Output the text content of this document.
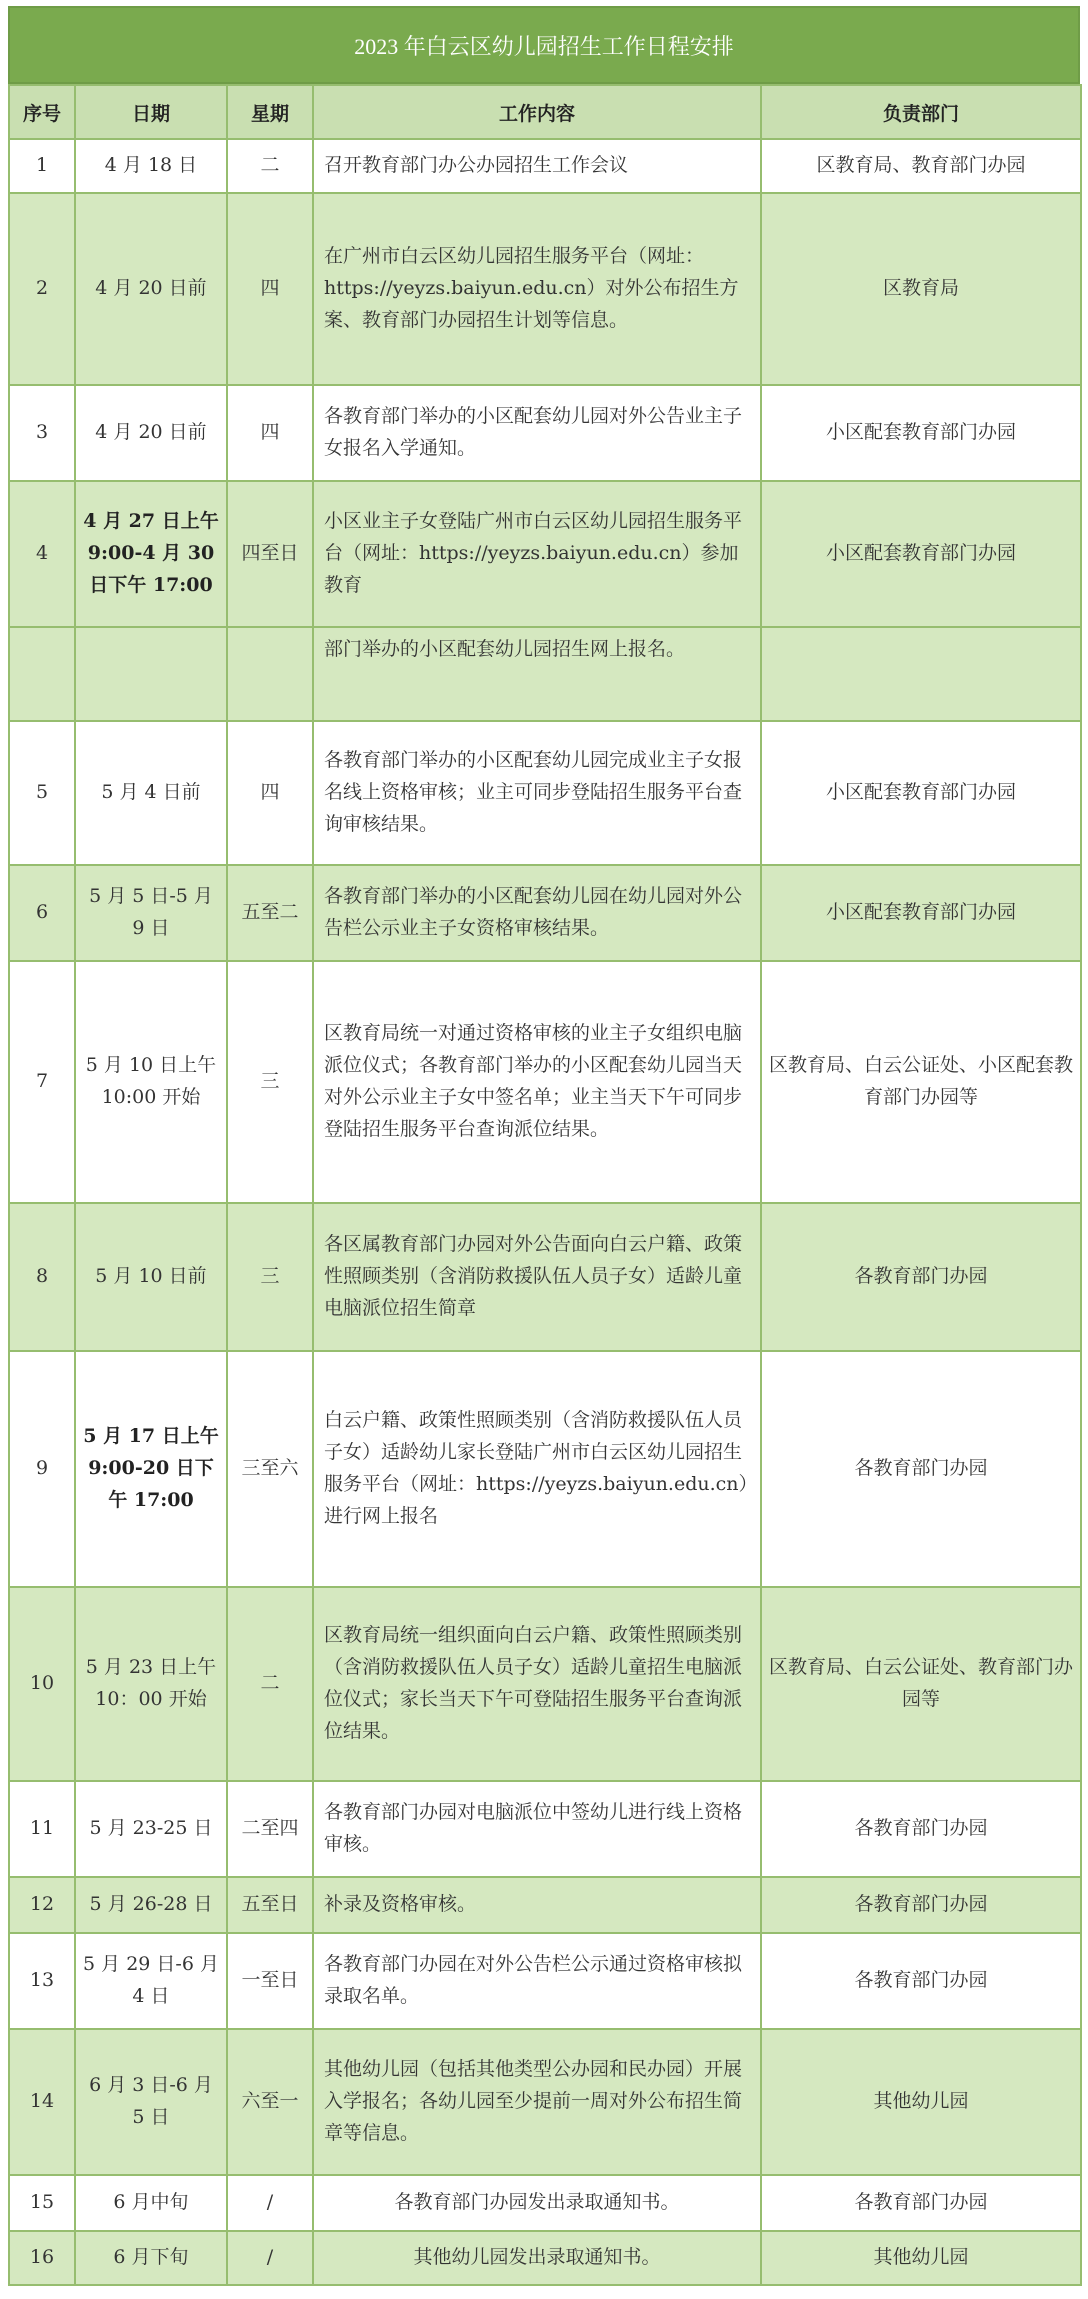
2023 年白云区幼儿园招生工作日程安排
序号	日期	星期	工作内容	负责部门
1	4 月 18 日	二	召开教育部门办公办园招生工作会议	区教育局、教育部门办园
2	4 月 20 日前	四	在广州市白云区幼儿园招生服务平台（网址：https://yeyzs.baiyun.edu.cn）对外公布招生方案、教育部门办园招生计划等信息。	区教育局
3	4 月 20 日前	四	各教育部门举办的小区配套幼儿园对外公告业主子女报名入学通知。	小区配套教育部门办园
4	4 月 27 日上午 9:00-4 月 30 日下午 17:00	四至日	小区业主子女登陆广州市白云区幼儿园招生服务平台（网址：https://yeyzs.baiyun.edu.cn）参加教育	小区配套教育部门办园
			部门举办的小区配套幼儿园招生网上报名。	
5	5 月 4 日前	四	各教育部门举办的小区配套幼儿园完成业主子女报名线上资格审核；业主可同步登陆招生服务平台查询审核结果。	小区配套教育部门办园
6	5 月 5 日-5 月 9 日	五至二	各教育部门举办的小区配套幼儿园在幼儿园对外公告栏公示业主子女资格审核结果。	小区配套教育部门办园
7	5 月 10 日上午 10:00 开始	三	区教育局统一对通过资格审核的业主子女组织电脑派位仪式；各教育部门举办的小区配套幼儿园当天对外公示业主子女中签名单；业主当天下午可同步登陆招生服务平台查询派位结果。	区教育局、白云公证处、小区配套教育部门办园等
8	5 月 10 日前	三	各区属教育部门办园对外公告面向白云户籍、政策性照顾类别（含消防救援队伍人员子女）适龄儿童电脑派位招生简章	各教育部门办园
9	5 月 17 日上午 9:00-20 日下午 17:00	三至六	白云户籍、政策性照顾类别（含消防救援队伍人员子女）适龄幼儿家长登陆广州市白云区幼儿园招生服务平台（网址：https://yeyzs.baiyun.edu.cn）进行网上报名	各教育部门办园
10	5 月 23 日上午 10：00 开始	二	区教育局统一组织面向白云户籍、政策性照顾类别（含消防救援队伍人员子女）适龄儿童招生电脑派位仪式；家长当天下午可登陆招生服务平台查询派位结果。	区教育局、白云公证处、教育部门办园等
11	5 月 23-25 日	二至四	各教育部门办园对电脑派位中签幼儿进行线上资格审核。	各教育部门办园
12	5 月 26-28 日	五至日	补录及资格审核。	各教育部门办园
13	5 月 29 日-6 月 4 日	一至日	各教育部门办园在对外公告栏公示通过资格审核拟录取名单。	各教育部门办园
14	6 月 3 日-6 月 5 日	六至一	其他幼儿园（包括其他类型公办园和民办园）开展入学报名；各幼儿园至少提前一周对外公布招生简章等信息。	其他幼儿园
15	6 月中旬	/	各教育部门办园发出录取通知书。	各教育部门办园
16	6 月下旬	/	其他幼儿园发出录取通知书。	其他幼儿园
